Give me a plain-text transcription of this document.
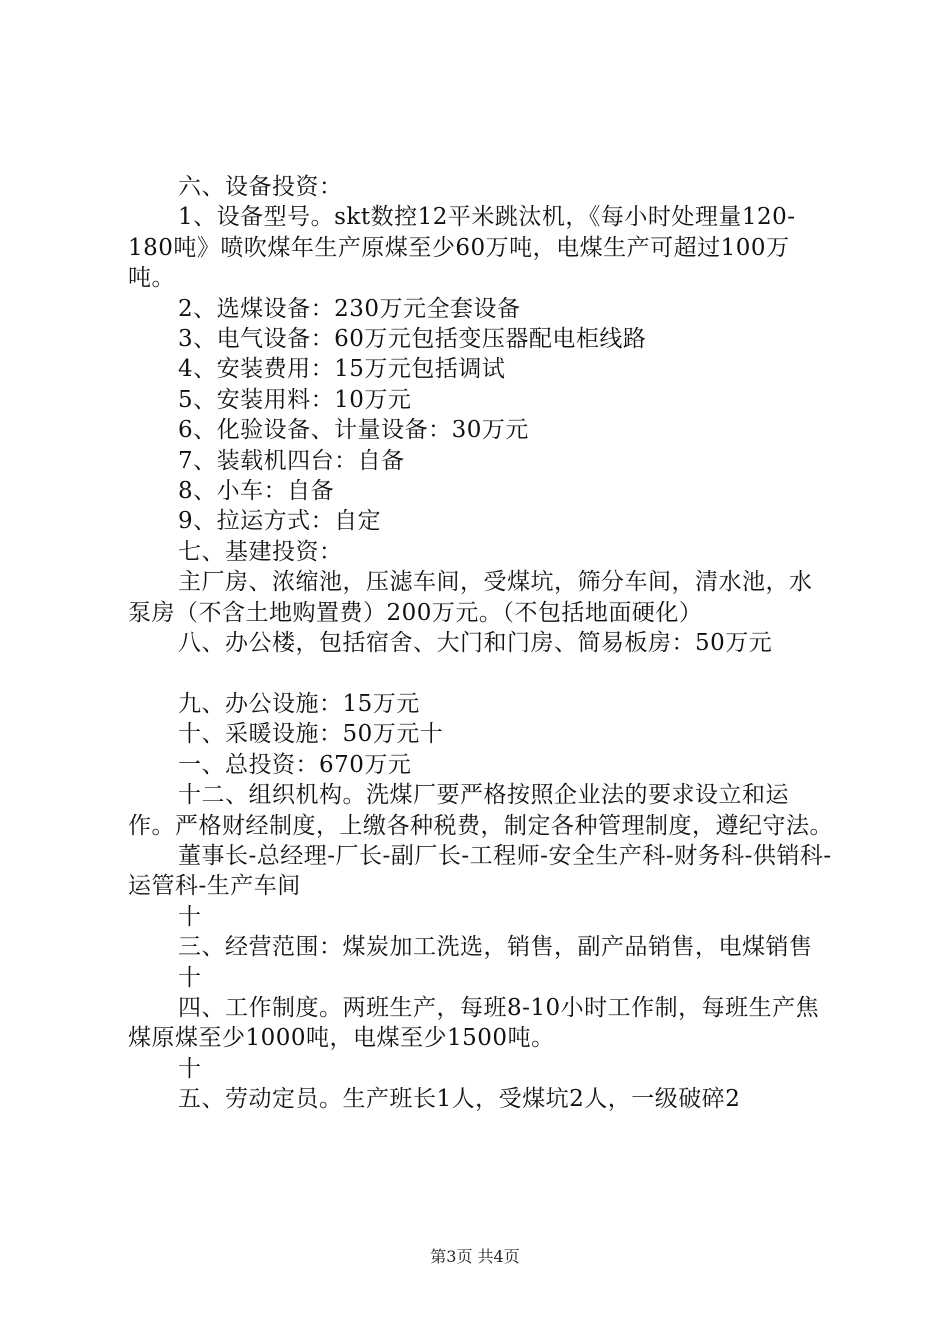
六、设备投资：

1、设备型号。skt数控12平米跳汰机，《每小时处理量120-180吨》喷吹煤年生产原煤至少60万吨，电煤生产可超过100万吨。

2、选煤设备：230万元全套设备

3、电气设备：60万元包括变压器配电柜线路

4、安装费用：15万元包括调试

5、安装用料：10万元

6、化验设备、计量设备：30万元

7、装载机四台：自备

8、小车：自备

9、拉运方式：自定

七、基建投资：

主厂房、浓缩池，压滤车间，受煤坑，筛分车间，清水池，水泵房（不含土地购置费）200万元。（不包括地面硬化）

八、办公楼，包括宿舍、大门和门房、简易板房：50万元

九、办公设施：15万元

十、采暖设施：50万元十

一、总投资：670万元

十二、组织机构。洗煤厂要严格按照企业法的要求设立和运作。严格财经制度，上缴各种税费，制定各种管理制度，遵纪守法。

董事长-总经理-厂长-副厂长-工程师-安全生产科-财务科-供销科-运管科-生产车间

十

三、经营范围：煤炭加工洗选，销售，副产品销售，电煤销售

十

四、工作制度。两班生产，每班8-10小时工作制，每班生产焦煤原煤至少1000吨，电煤至少1500吨。

十

五、劳动定员。生产班长1人，受煤坑2人，一级破碎2

第3页 共4页
